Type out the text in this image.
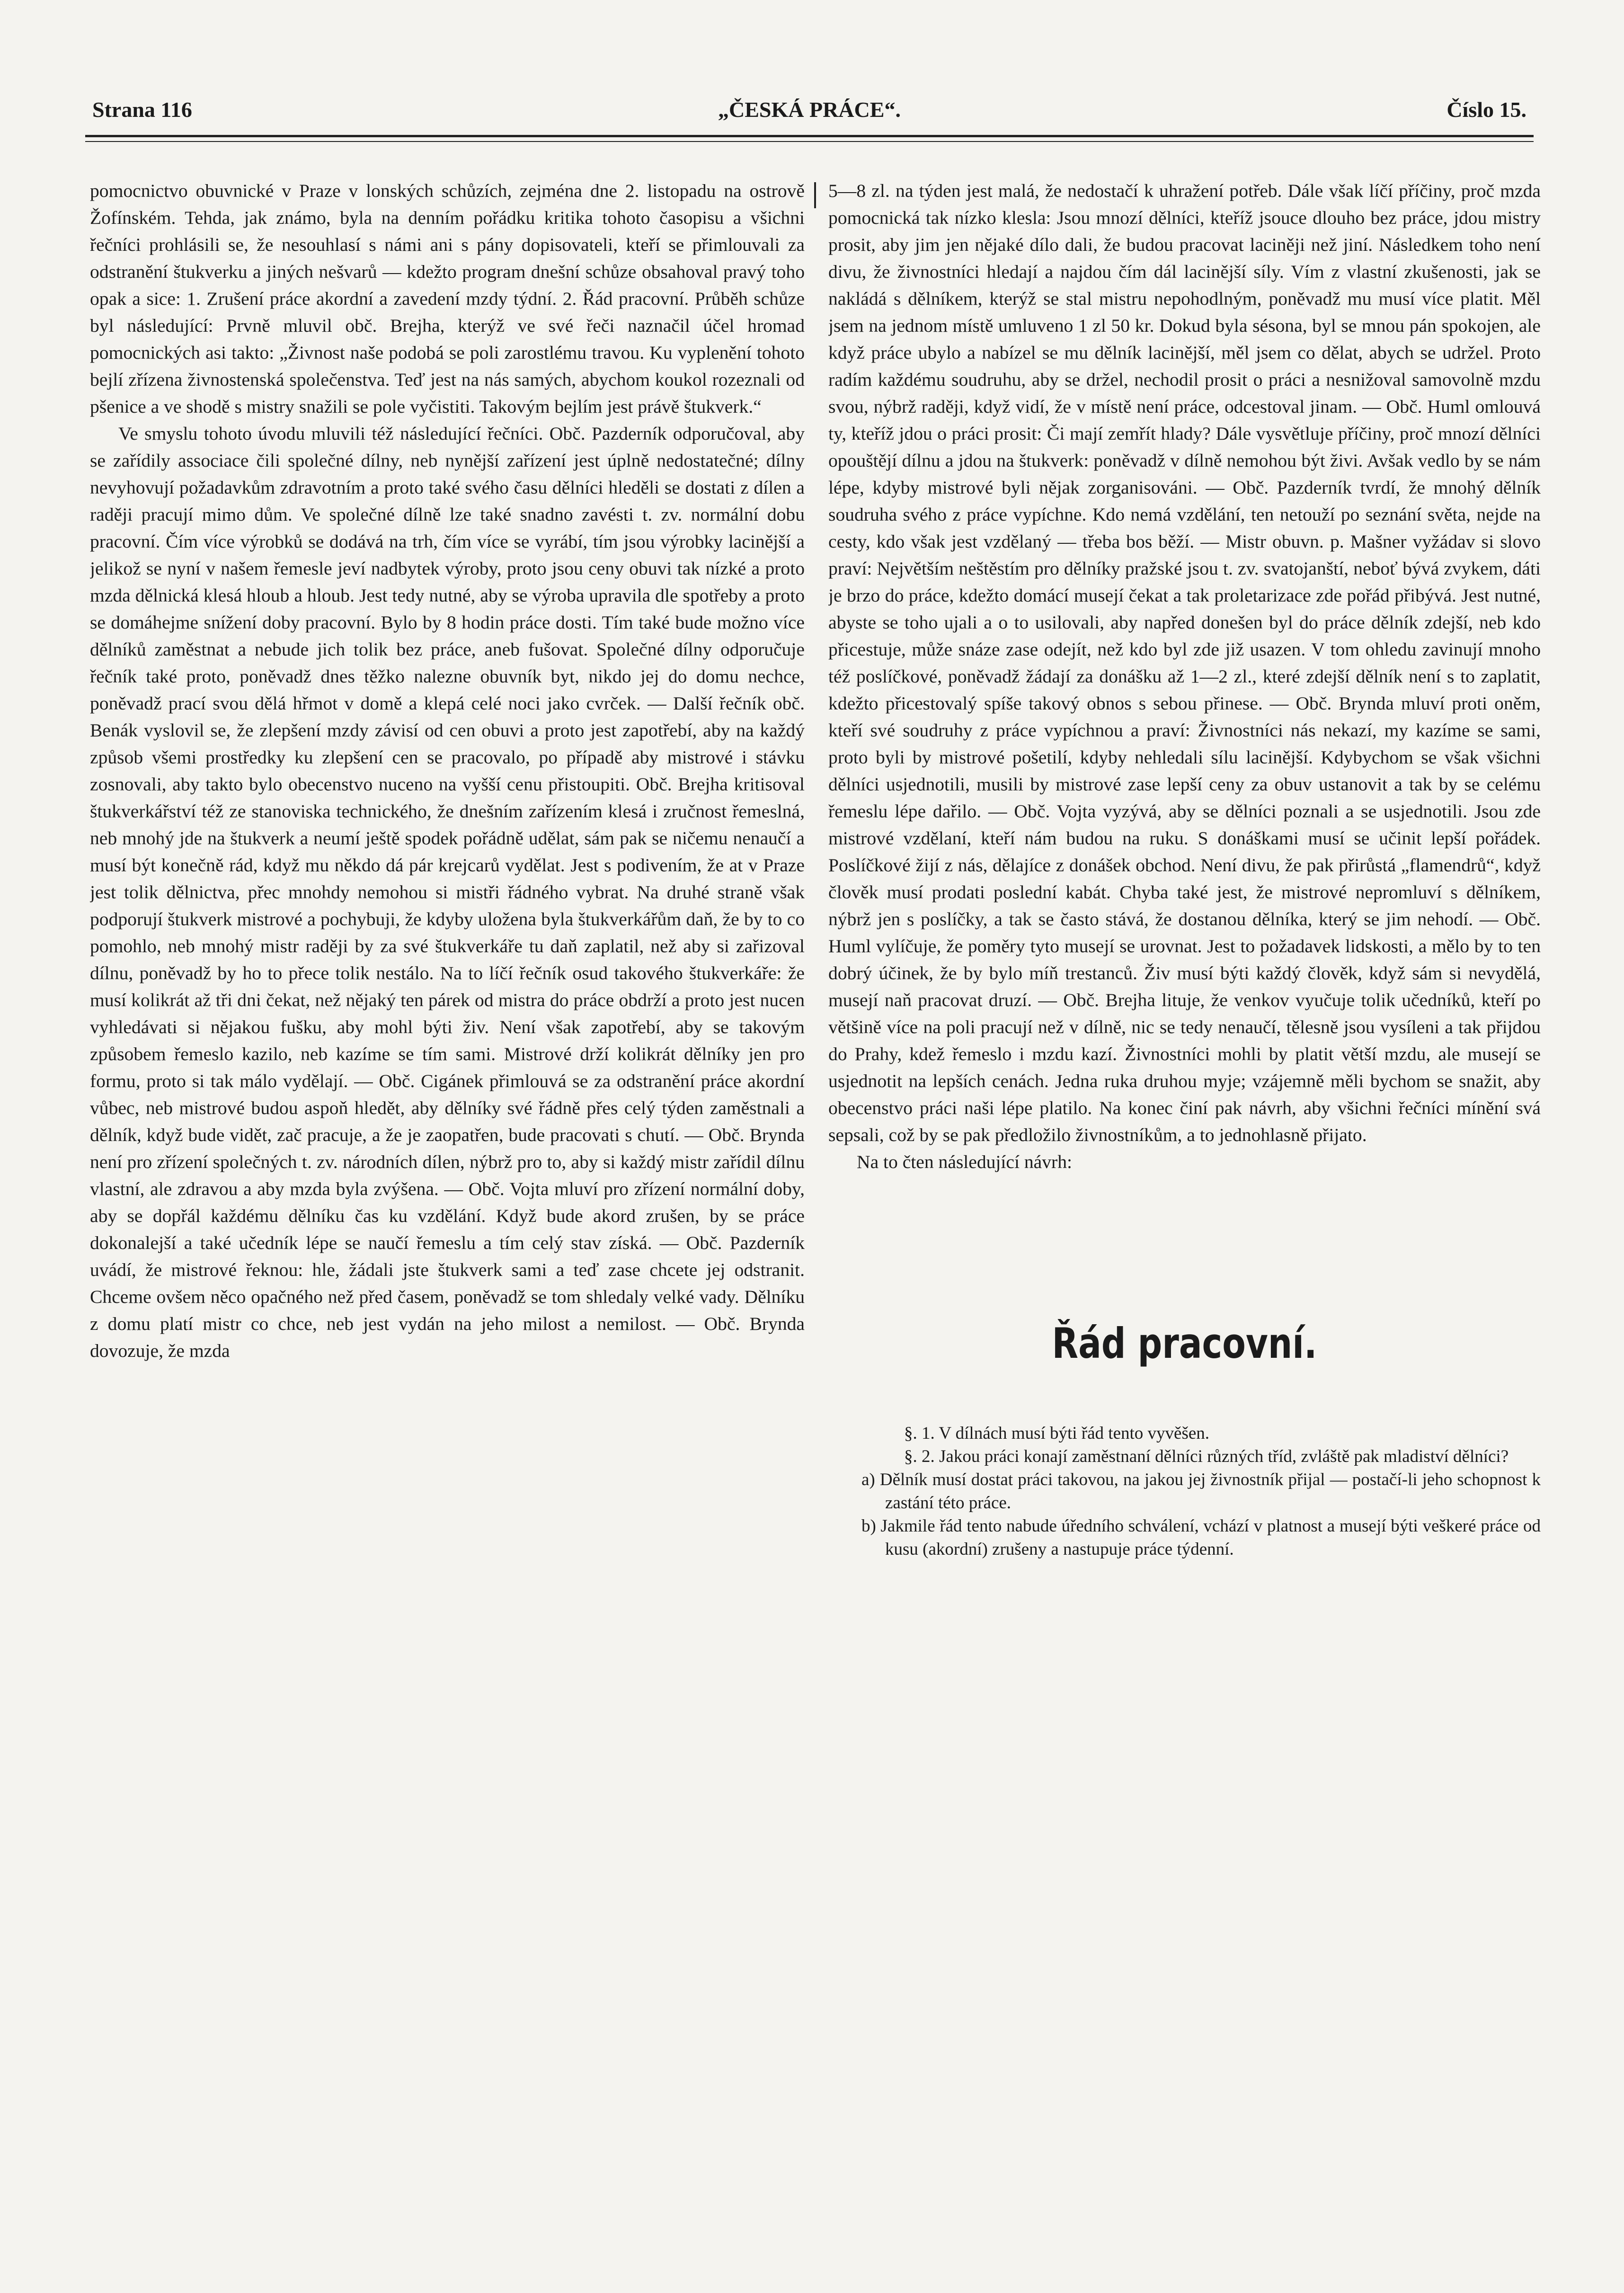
Strana 116	„ČESKÁ PRÁCE“.	Číslo 15.

pomocnictvo obuvnické v Praze v lonských schůzích, zejména dne 2. listopadu na ostrově Žofínském. Tehda, jak známo, byla na denním pořádku kritika tohoto časopisu a všichni řečníci prohlásili se, že nesouhlasí s námi ani s pány dopisovateli, kteří se přimlouvali za odstranění štukverku a jiných nešvarů — kdežto program dnešní schůze obsahoval pravý toho opak a sice: 1. Zrušení práce akordní a zavedení mzdy týdní. 2. Řád pracovní. Průběh schůze byl následující: Prvně mluvil obč. Brejha, kterýž ve své řeči naznačil účel hromad pomocnických asi takto: „Živnost naše podobá se poli zarostlému travou. Ku vyplenění tohoto bejlí zřízena živnostenská společenstva. Teď jest na nás samých, abychom koukol rozeznali od pšenice a ve shodě s mistry snažili se pole vyčistiti. Takovým bejlím jest právě štukverk.“

Ve smyslu tohoto úvodu mluvili též následující řečníci. Obč. Pazderník odporučoval, aby se zařídily associace čili společné dílny, neb nynější zařízení jest úplně nedostatečné; dílny nevyhovují požadavkům zdravotním a proto také svého času dělníci hleděli se dostati z dílen a raději pracují mimo dům. Ve společné dílně lze také snadno zavésti t. zv. normální dobu pracovní. Čím více výrobků se dodává na trh, čím více se vyrábí, tím jsou výrobky lacinější a jelikož se nyní v našem řemesle jeví nadbytek výroby, proto jsou ceny obuvi tak nízké a proto mzda dělnická klesá hloub a hloub. Jest tedy nutné, aby se výroba upravila dle spotřeby a proto se domáhejme snížení doby pracovní. Bylo by 8 hodin práce dosti. Tím také bude možno více dělníků zaměstnat a nebude jich tolik bez práce, aneb fušovat. Společné dílny odporučuje řečník také proto, poněvadž dnes těžko nalezne obuvník byt, nikdo jej do domu nechce, poněvadž prací svou dělá hřmot v domě a klepá celé noci jako cvrček. — Další řečník obč. Benák vyslovil se, že zlepšení mzdy závisí od cen obuvi a proto jest zapotřebí, aby na každý způsob všemi prostředky ku zlepšení cen se pracovalo, po případě aby mistrové i stávku zosnovali, aby takto bylo obecenstvo nuceno na vyšší cenu přistoupiti. Obč. Brejha kritisoval štukverkářství též ze stanoviska technického, že dnešním zařízením klesá i zručnost řemeslná, neb mnohý jde na štukverk a neumí ještě spodek pořádně udělat, sám pak se ničemu nenaučí a musí být konečně rád, když mu někdo dá pár krejcarů vydělat. Jest s podivením, že at v Praze jest tolik dělnictva, přec mnohdy nemohou si mistři řádného vybrat. Na druhé straně však podporují štukverk mistrové a pochybuji, že kdyby uložena byla štukverkářům daň, že by to co pomohlo, neb mnohý mistr raději by za své štukverkáře tu daň zaplatil, než aby si zařizoval dílnu, poněvadž by ho to přece tolik nestálo. Na to líčí řečník osud takového štukverkáře: že musí kolikrát až tři dni čekat, než nějaký ten párek od mistra do práce obdrží a proto jest nucen vyhledávati si nějakou fušku, aby mohl býti živ. Není však zapotřebí, aby se takovým způsobem řemeslo kazilo, neb kazíme se tím sami. Mistrové drží kolikrát dělníky jen pro formu, proto si tak málo vydělají. — Obč. Cigánek přimlouvá se za odstranění práce akordní vůbec, neb mistrové budou aspoň hledět, aby dělníky své řádně přes celý týden zaměstnali a dělník, když bude vidět, zač pracuje, a že je zaopatřen, bude pracovati s chutí. — Obč. Brynda není pro zřízení společných t. zv. národních dílen, nýbrž pro to, aby si každý mistr zařídil dílnu vlastní, ale zdravou a aby mzda byla zvýšena. — Obč. Vojta mluví pro zřízení normální doby, aby se dopřál každému dělníku čas ku vzdělání. Když bude akord zrušen, by se práce dokonalejší a také učedník lépe se naučí řemeslu a tím celý stav získá. — Obč. Pazderník uvádí, že mistrové řeknou: hle, žádali jste štukverk sami a teď zase chcete jej odstranit. Chceme ovšem něco opačného než před časem, poněvadž se tom shledaly velké vady. Dělníku z domu platí mistr co chce, neb jest vydán na jeho milost a nemilost. — Obč. Brynda dovozuje, že mzda

5—8 zl. na týden jest malá, že nedostačí k uhražení potřeb. Dále však líčí příčiny, proč mzda pomocnická tak nízko klesla: Jsou mnozí dělníci, kteříž jsouce dlouho bez práce, jdou mistry prosit, aby jim jen nějaké dílo dali, že budou pracovat laciněji než jiní. Následkem toho není divu, že živnostníci hledají a najdou čím dál lacinější síly. Vím z vlastní zkušenosti, jak se nakládá s dělníkem, kterýž se stal mistru nepohodlným, poněvadž mu musí více platit. Měl jsem na jednom místě umluveno 1 zl 50 kr. Dokud byla sésona, byl se mnou pán spokojen, ale když práce ubylo a nabízel se mu dělník lacinější, měl jsem co dělat, abych se udržel. Proto radím každému soudruhu, aby se držel, nechodil prosit o práci a nesnižoval samovolně mzdu svou, nýbrž raději, když vidí, že v místě není práce, odcestoval jinam. — Obč. Huml omlouvá ty, kteříž jdou o práci prosit: Či mají zemřít hlady? Dále vysvětluje příčiny, proč mnozí dělníci opouštějí dílnu a jdou na štukverk: poněvadž v dílně nemohou být živi. Avšak vedlo by se nám lépe, kdyby mistrové byli nějak zorganisováni. — Obč. Pazderník tvrdí, že mnohý dělník soudruha svého z práce vypíchne. Kdo nemá vzdělání, ten netouží po seznání světa, nejde na cesty, kdo však jest vzdělaný — třeba bos běží. — Mistr obuvn. p. Mašner vyžádav si slovo praví: Největším neštěstím pro dělníky pražské jsou t. zv. svatojanští, neboť bývá zvykem, dáti je brzo do práce, kdežto domácí musejí čekat a tak proletarizace zde pořád přibývá. Jest nutné, abyste se toho ujali a o to usilovali, aby napřed donešen byl do práce dělník zdejší, neb kdo přicestuje, může snáze zase odejít, než kdo byl zde již usazen. V tom ohledu zavinují mnoho též poslíčkové, poněvadž žádají za donášku až 1—2 zl., které zdejší dělník není s to zaplatit, kdežto přicestovalý spíše takový obnos s sebou přinese. — Obč. Brynda mluví proti oněm, kteří své soudruhy z práce vypíchnou a praví: Živnostníci nás nekazí, my kazíme se sami, proto byli by mistrové pošetilí, kdyby nehledali sílu lacinější. Kdybychom se však všichni dělníci usjednotili, musili by mistrové zase lepší ceny za obuv ustanovit a tak by se celému řemeslu lépe dařilo. — Obč. Vojta vyzývá, aby se dělníci poznali a se usjednotili. Jsou zde mistrové vzdělaní, kteří nám budou na ruku. S donáškami musí se učinit lepší pořádek. Poslíčkové žijí z nás, dělajíce z donášek obchod. Není divu, že pak přirůstá „flamendrů“, když člověk musí prodati poslední kabát. Chyba také jest, že mistrové nepromluví s dělníkem, nýbrž jen s poslíčky, a tak se často stává, že dostanou dělníka, který se jim nehodí. — Obč. Huml vylíčuje, že poměry tyto musejí se urovnat. Jest to požadavek lidskosti, a mělo by to ten dobrý účinek, že by bylo míň trestanců. Živ musí býti každý člověk, když sám si nevydělá, musejí naň pracovat druzí. — Obč. Brejha lituje, že venkov vyučuje tolik učedníků, kteří po většině více na poli pracují než v dílně, nic se tedy nenaučí, tělesně jsou vysíleni a tak přijdou do Prahy, kdež řemeslo i mzdu kazí. Živnostníci mohli by platit větší mzdu, ale musejí se usjednotit na lepších cenách. Jedna ruka druhou myje; vzájemně měli bychom se snažit, aby obecenstvo práci naši lépe platilo. Na konec činí pak návrh, aby všichni řečníci mínění svá sepsali, což by se pak předložilo živnostníkům, a to jednohlasně přijato.

Na to čten následující návrh:

Řád pracovní.

§. 1. V dílnách musí býti řád tento vyvěšen.

§. 2. Jakou práci konají zaměstnaní dělníci různých tříd, zvláště pak mladiství dělníci?

a) Dělník musí dostat práci takovou, na jakou jej živnostník přijal — postačí-li jeho schopnost k zastání této práce.

b) Jakmile řád tento nabude úředního schválení, vchází v platnost a musejí býti veškeré práce od kusu (akordní) zrušeny a nastupuje práce týdenní.
